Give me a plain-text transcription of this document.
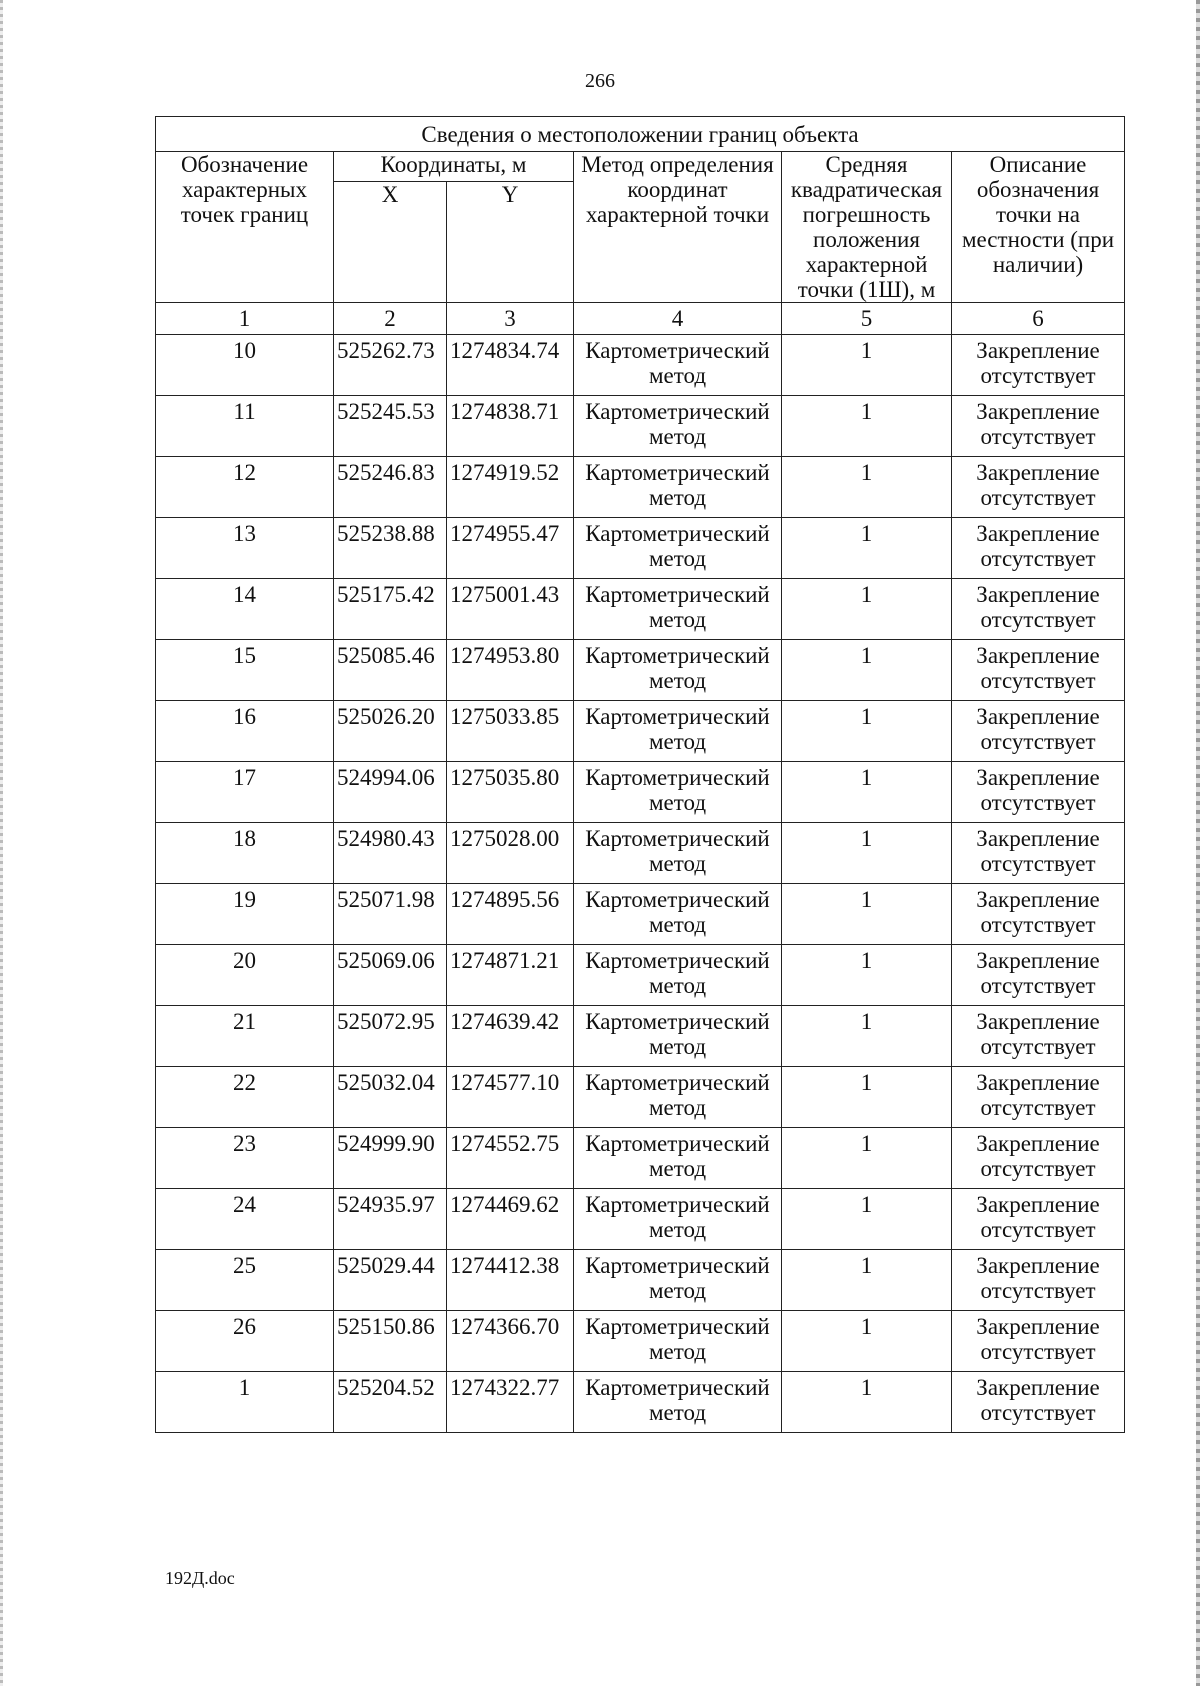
266
Сведения о местоположении границ объекта					
Обозначение характерных точек границ	Координаты, м		Метод определения координат характерной точки	Средняя квадратическая погрешность положения характерной точки (1Ш), м	Описание обозначения точки на местности (при наличии)
	X	Y			
1	2	3	4	5	6
10	525262.73	1274834.74	Картометрический метод	1	Закрепление отсутствует
11	525245.53	1274838.71	Картометрический метод	1	Закрепление отсутствует
12	525246.83	1274919.52	Картометрический метод	1	Закрепление отсутствует
13	525238.88	1274955.47	Картометрический метод	1	Закрепление отсутствует
14	525175.42	1275001.43	Картометрический метод	1	Закрепление отсутствует
15	525085.46	1274953.80	Картометрический метод	1	Закрепление отсутствует
16	525026.20	1275033.85	Картометрический метод	1	Закрепление отсутствует
17	524994.06	1275035.80	Картометрический метод	1	Закрепление отсутствует
18	524980.43	1275028.00	Картометрический метод	1	Закрепление отсутствует
19	525071.98	1274895.56	Картометрический метод	1	Закрепление отсутствует
20	525069.06	1274871.21	Картометрический метод	1	Закрепление отсутствует
21	525072.95	1274639.42	Картометрический метод	1	Закрепление отсутствует
22	525032.04	1274577.10	Картометрический метод	1	Закрепление отсутствует
23	524999.90	1274552.75	Картометрический метод	1	Закрепление отсутствует
24	524935.97	1274469.62	Картометрический метод	1	Закрепление отсутствует
25	525029.44	1274412.38	Картометрический метод	1	Закрепление отсутствует
26	525150.86	1274366.70	Картометрический метод	1	Закрепление отсутствует
1	525204.52	1274322.77	Картометрический метод	1	Закрепление отсутствует
192Д.doc
